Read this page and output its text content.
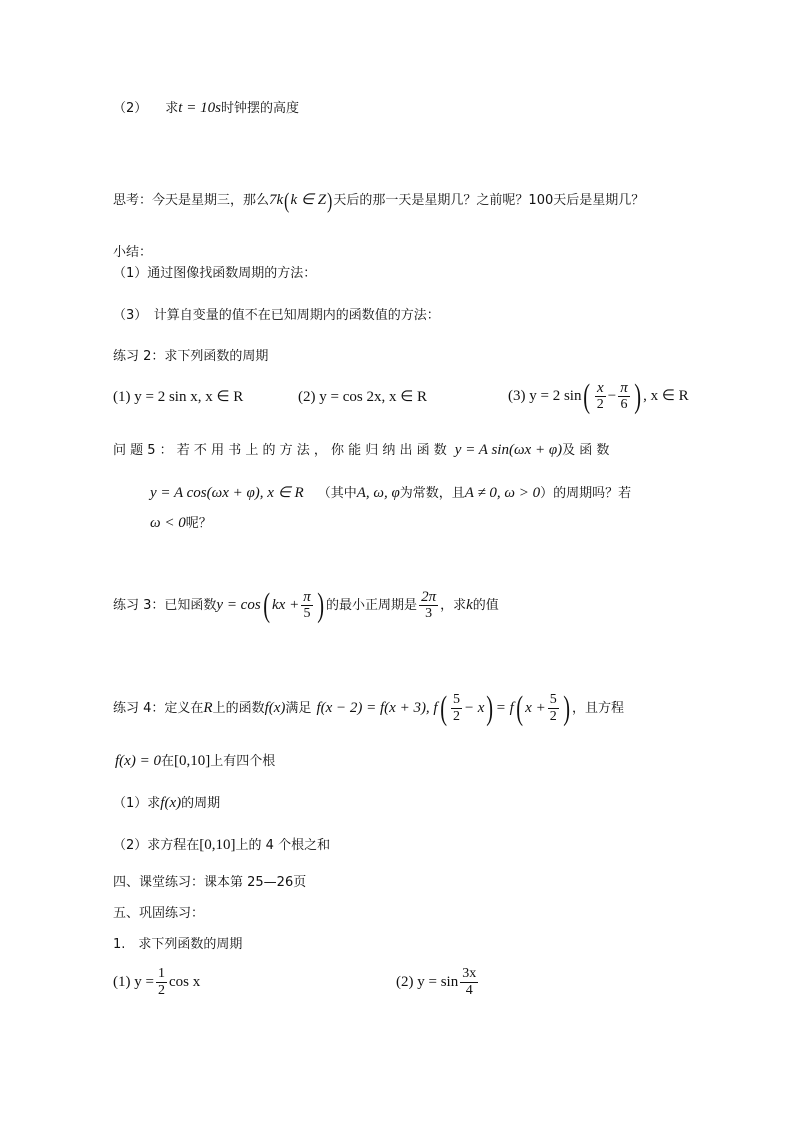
（2） 求t = 10s时钟摆的高度
思考：今天是星期三，那么7k(k ∈ Z)天后的那一天是星期几？之前呢？100天后是星期几？
小结：
（1）通过图像找函数周期的方法：
（3）　计算自变量的值不在已知周期内的函数值的方法：
练习 2：求下列函数的周期
(1) y = 2 sin x, x ∈ R	(2) y = cos 2x, x ∈ R	(3) y = 2 $\sin( \frac{x}{2} - \frac{\pi}{6}$ ) , x ∈ R
问 题 5 ： 若 不 用 书 上 的 方 法 ， 你 能 归 纳 出 函 数 y = A sin(ωx + φ)及 函 数
y = A cos(ωx + φ), x ∈ R （其中A, ω, φ为常数，且A ≠ 0, ω > 0）的周期吗？若
ω < 0呢？
练习 3：已知函数y = cos( kx + $\frac{\pi}{5}$ ) 的最小正周期是 $\frac{2\pi}{3}$ ，求k的值
练习 4：定义在R上的函数f(x)满足 f(x − 2) = f(x + 3), $f( \frac{5}{2} - x) = f$( $x + \frac{5}{2}$ ) ，且方程
f(x) = 0在[0,10]上有四个根
（1）求f(x)的周期
（2）求方程在[0,10]上的 4 个根之和
四、课堂练习：课本第 25—26页
五、巩固练习：
1.　求下列函数的周期
(1) $y = \frac{1}{2}$ cos x	(2) $y = \sin \frac{3x}{4}$
